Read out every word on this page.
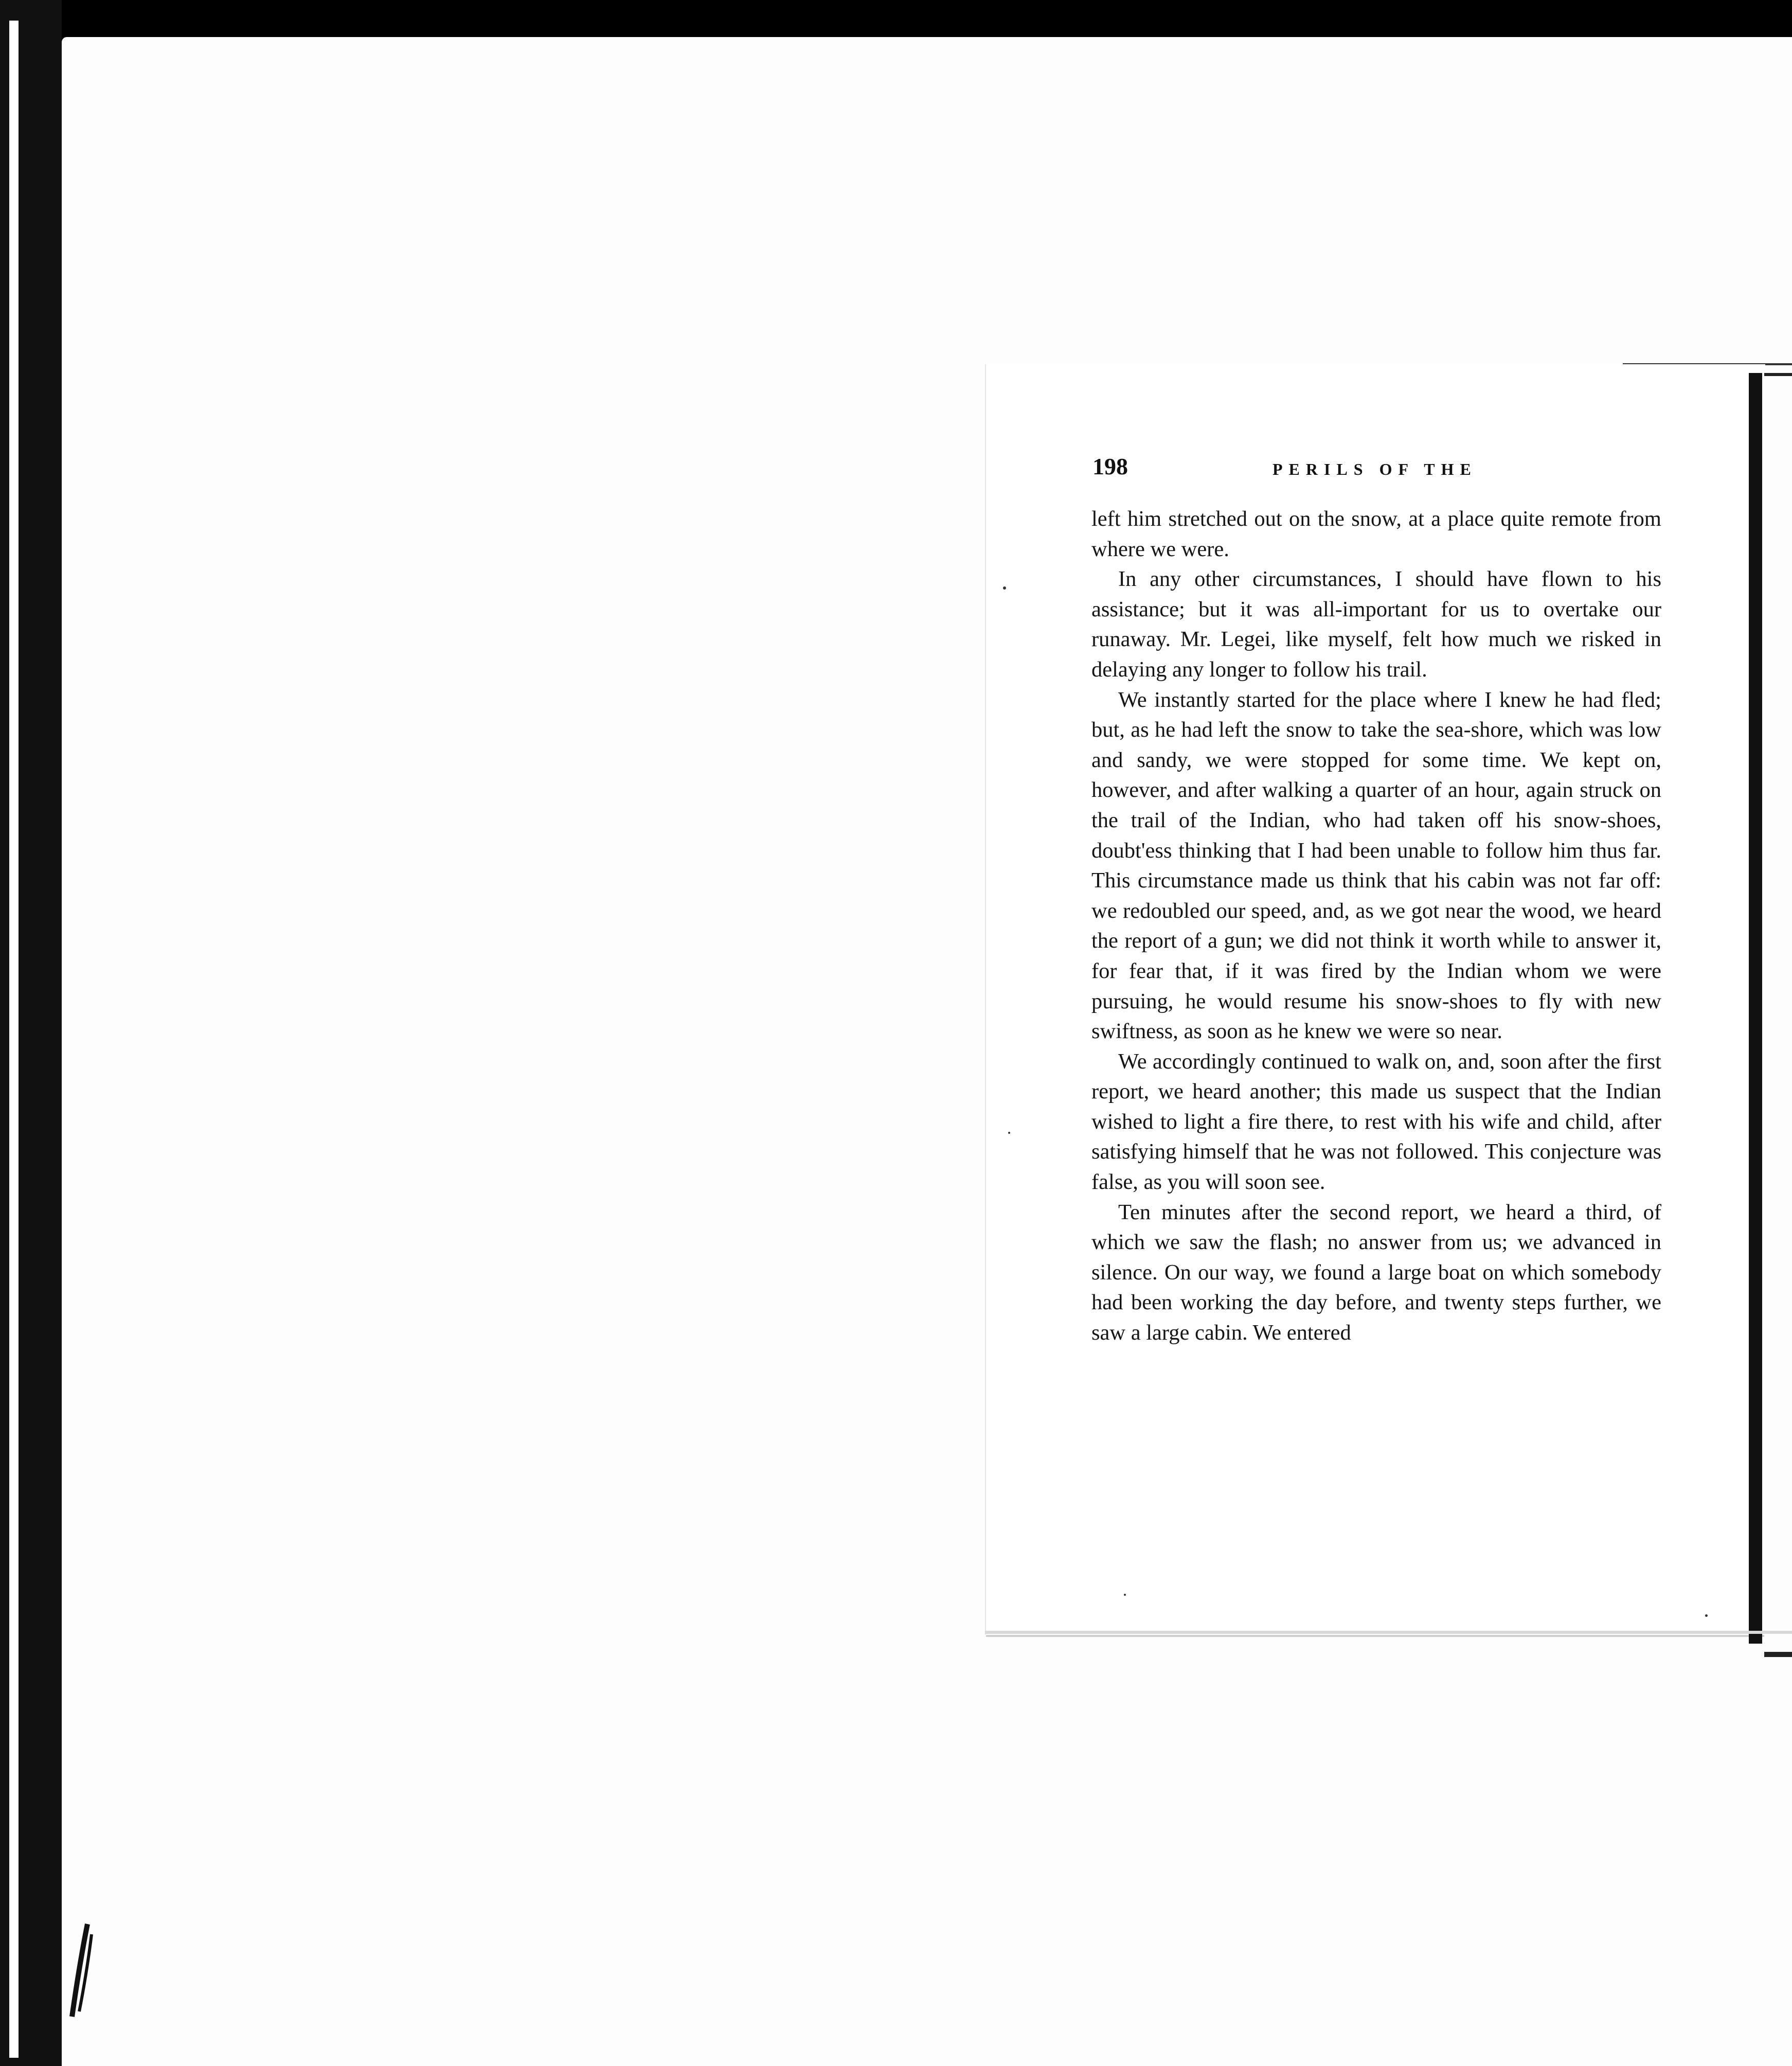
198	PERILS OF THE

left him stretched out on the snow, at a place quite remote from where we were.

In any other circumstances, I should have flown to his assistance; but it was all-important for us to overtake our runaway. Mr. Legei, like myself, felt how much we risked in delaying any longer to follow his trail.

We instantly started for the place where I knew he had fled; but, as he had left the snow to take the sea-shore, which was low and sandy, we were stopped for some time. We kept on, however, and after walking a quarter of an hour, again struck on the trail of the Indian, who had taken off his snow-shoes, doubt'ess thinking that I had been unable to follow him thus far. This circumstance made us think that his cabin was not far off: we redoubled our speed, and, as we got near the wood, we heard the report of a gun; we did not think it worth while to answer it, for fear that, if it was fired by the Indian whom we were pursuing, he would resume his snow-shoes to fly with new swiftness, as soon as he knew we were so near.

We accordingly continued to walk on, and, soon after the first report, we heard another; this made us suspect that the Indian wished to light a fire there, to rest with his wife and child, after satisfying himself that he was not followed. This conjecture was false, as you will soon see.

Ten minutes after the second report, we heard a third, of which we saw the flash; no answer from us; we advanced in silence. On our way, we found a large boat on which somebody had been working the day before, and twenty steps further, we saw a large cabin. We entered
